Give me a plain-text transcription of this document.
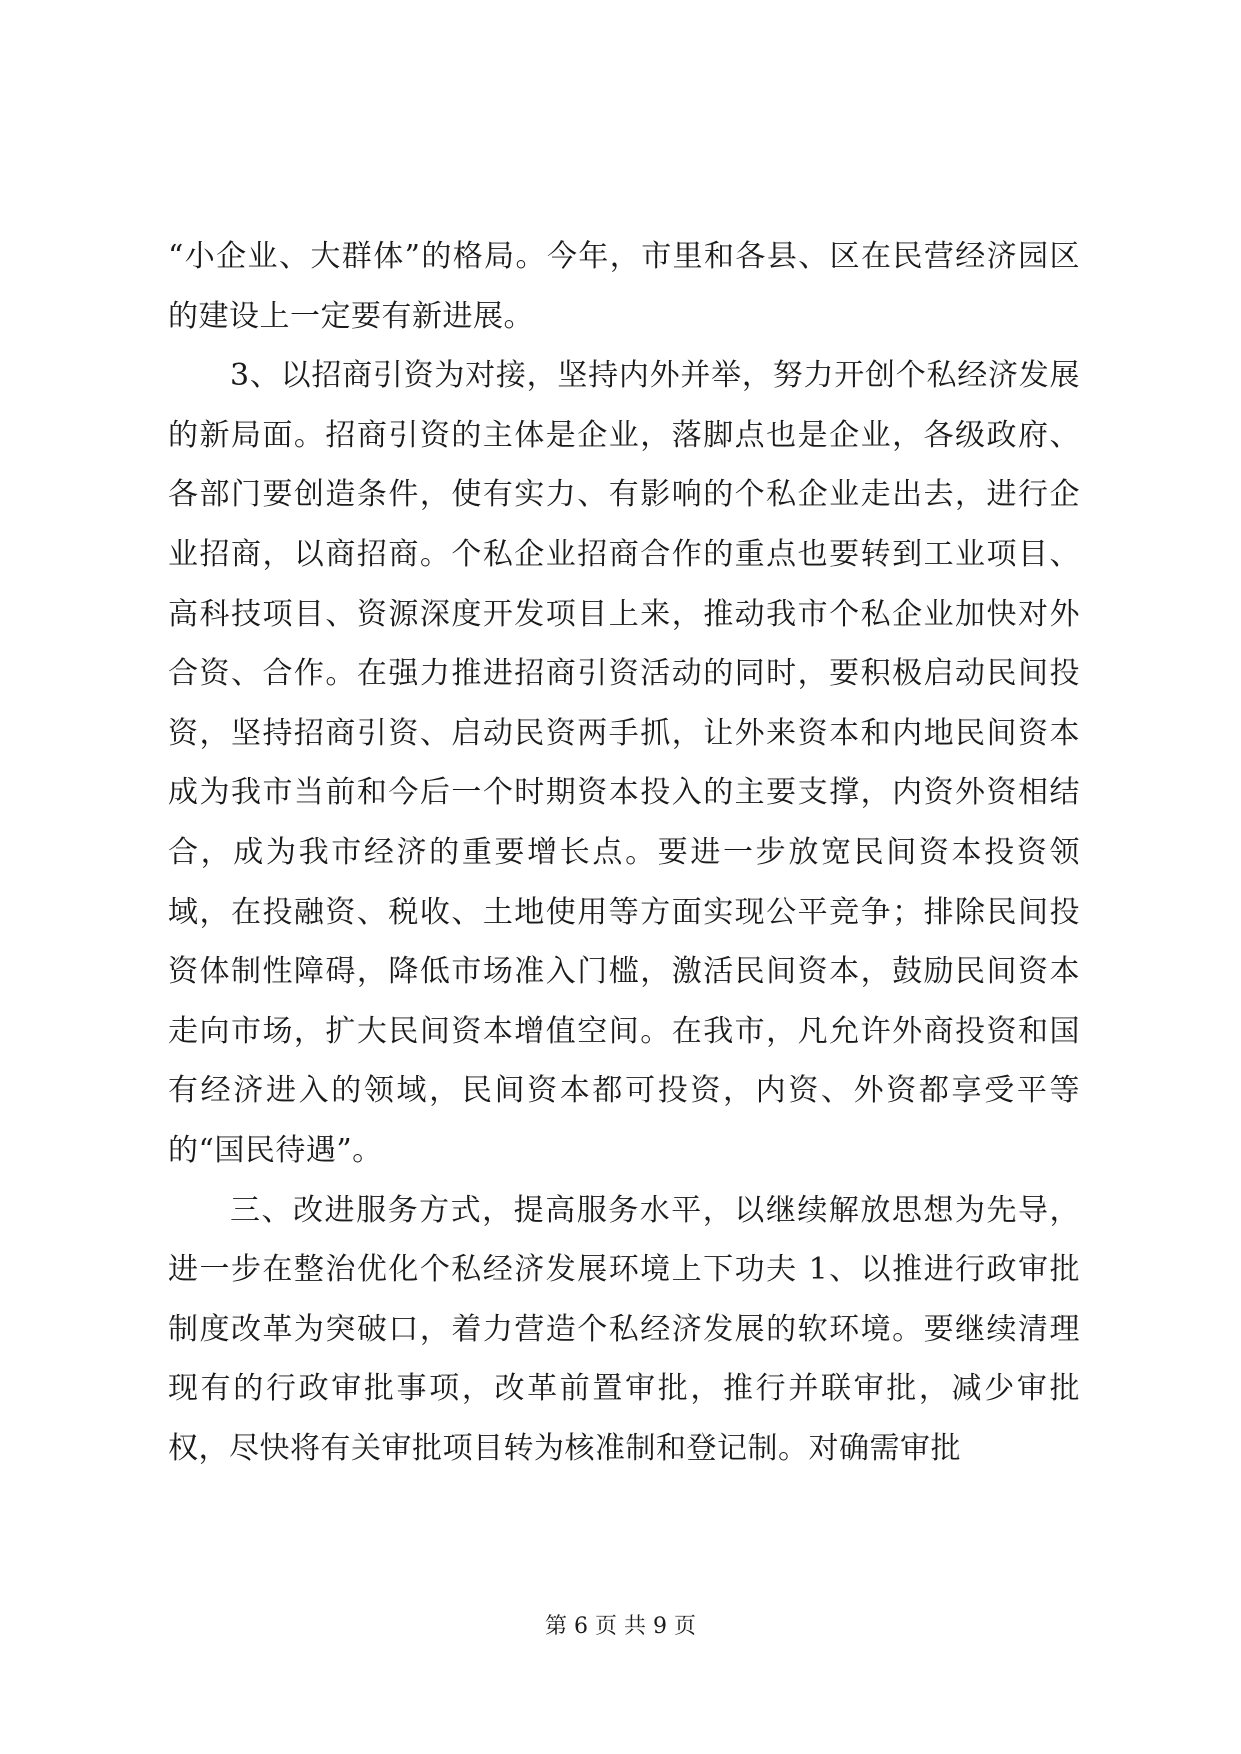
“小企业、大群体”的格局。今年，市里和各县、区在民营经济园区的建设上一定要有新进展。

3、以招商引资为对接，坚持内外并举，努力开创个私经济发展的新局面。招商引资的主体是企业，落脚点也是企业，各级政府、各部门要创造条件，使有实力、有影响的个私企业走出去，进行企业招商，以商招商。个私企业招商合作的重点也要转到工业项目、高科技项目、资源深度开发项目上来，推动我市个私企业加快对外合资、合作。在强力推进招商引资活动的同时，要积极启动民间投资，坚持招商引资、启动民资两手抓，让外来资本和内地民间资本成为我市当前和今后一个时期资本投入的主要支撑，内资外资相结合，成为我市经济的重要增长点。要进一步放宽民间资本投资领域，在投融资、税收、土地使用等方面实现公平竞争；排除民间投资体制性障碍，降低市场准入门槛，激活民间资本，鼓励民间资本走向市场，扩大民间资本增值空间。在我市，凡允许外商投资和国有经济进入的领域，民间资本都可投资，内资、外资都享受平等的“国民待遇”。

三、改进服务方式，提高服务水平，以继续解放思想为先导，进一步在整治优化个私经济发展环境上下功夫 1、以推进行政审批制度改革为突破口，着力营造个私经济发展的软环境。要继续清理现有的行政审批事项，改革前置审批，推行并联审批，减少审批权，尽快将有关审批项目转为核准制和登记制。对确需审批

第 6 页 共 9 页
